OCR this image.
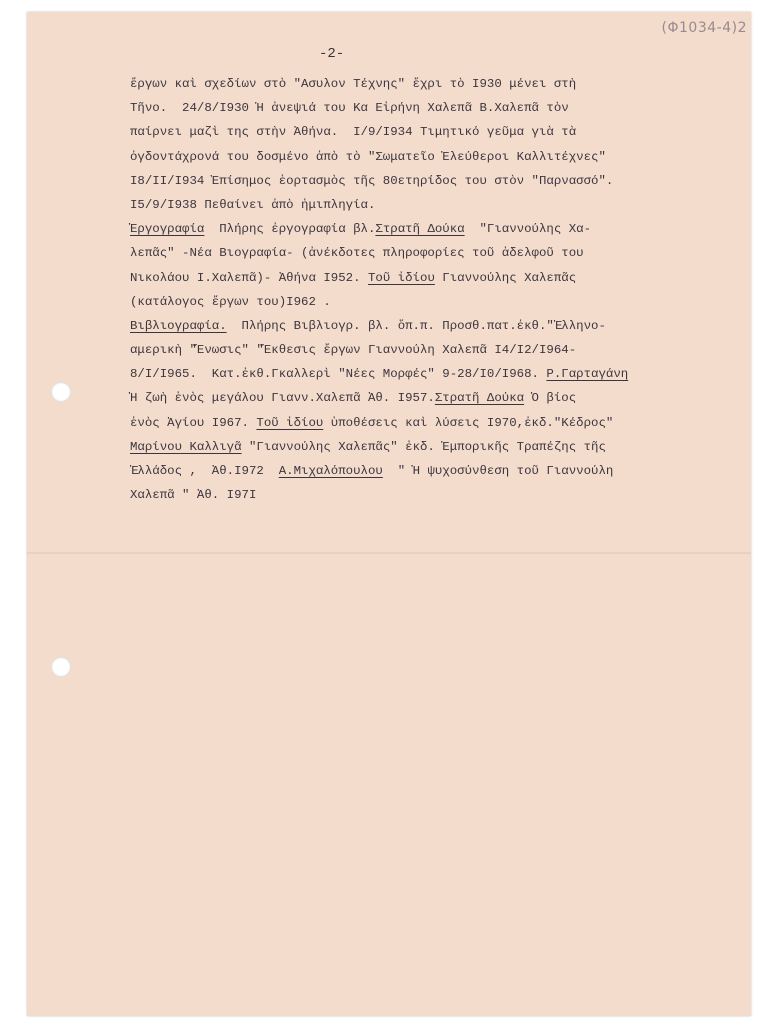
(Φ1034-4)2
-2-
ἔργων καὶ σχεδίων στὸ "Ασυλον Τέχνης" ἔχρι τὸ Ι930 μένει στὴ
Τῆνο.  24/8/Ι930 Ἡ ἀνεψιά του Κα Εἰρήνη Χαλεπᾶ Β.Χαλεπᾶ τὸν
παίρνει μαζὶ της στὴν Ἀθήνα.  Ι/9/Ι934 Τιμητικό γεῦμα γιὰ τὰ
ὀγδοντάχρονά του δοσμένο ἀπὸ τὸ "Σωματεῖο Ἐλεύθεροι Καλλιτέχνες"
Ι8/ΙΙ/Ι934 Ἐπίσημος ἑορτασμὸς τῆς 80ετηρίδος του στὸν "Παρνασσό".
Ι5/9/Ι938 Πεθαίνει ἀπὸ ἡμιπληγία.
Ἐργογραφία  Πλήρης ἐργογραφία βλ.Στρατῆ Δούκα  "Γιαννούλης Χα-
λεπᾶς" -Νέα Βιογραφία- (ἀνέκδοτες πληροφορίες τοῦ ἀδελφοῦ του
Νικολάου Ι.Χαλεπᾶ)- Ἀθήνα Ι952. Τοῦ ἰδίου Γιαννούλης Χαλεπᾶς
(κατάλογος ἔργων του)Ι962 .
Βιβλιογραφία.  Πλήρης Βιβλιογρ. βλ. ὅπ.π. Προσθ.πατ.ἐκθ."Ἑλληνο-
αμερικὴ "Ἕνωσις" "Ἔκθεσις ἔργων Γιαννούλη Χαλεπᾶ Ι4/Ι2/Ι964-
8/Ι/Ι965.  Κατ.ἐκθ.Γκαλλερὶ "Νέες Μορφές" 9-28/Ι0/Ι968. Ρ.Γαρταγάνη
Ἡ ζωὴ ἑνὸς μεγάλου Γιανν.Χαλεπᾶ Ἀθ. Ι957.Στρατῆ Δούκα Ὁ βίος
ἑνὸς Ἁγίου Ι967. Τοῦ ἰδίου ὑποθέσεις καὶ λύσεις Ι970,ἐκδ."Κέδρος"
Μαρίνου Καλλιγᾶ "Γιαννούλης Χαλεπᾶς" ἐκδ. Ἐμπορικῆς Τραπέζης τῆς
Ἑλλάδος ,  Ἀθ.Ι972  Α.Μιχαλόπουλου  " Ἡ ψυχοσύνθεση τοῦ Γιαννούλη
Χαλεπᾶ " Ἀθ. Ι97Ι
